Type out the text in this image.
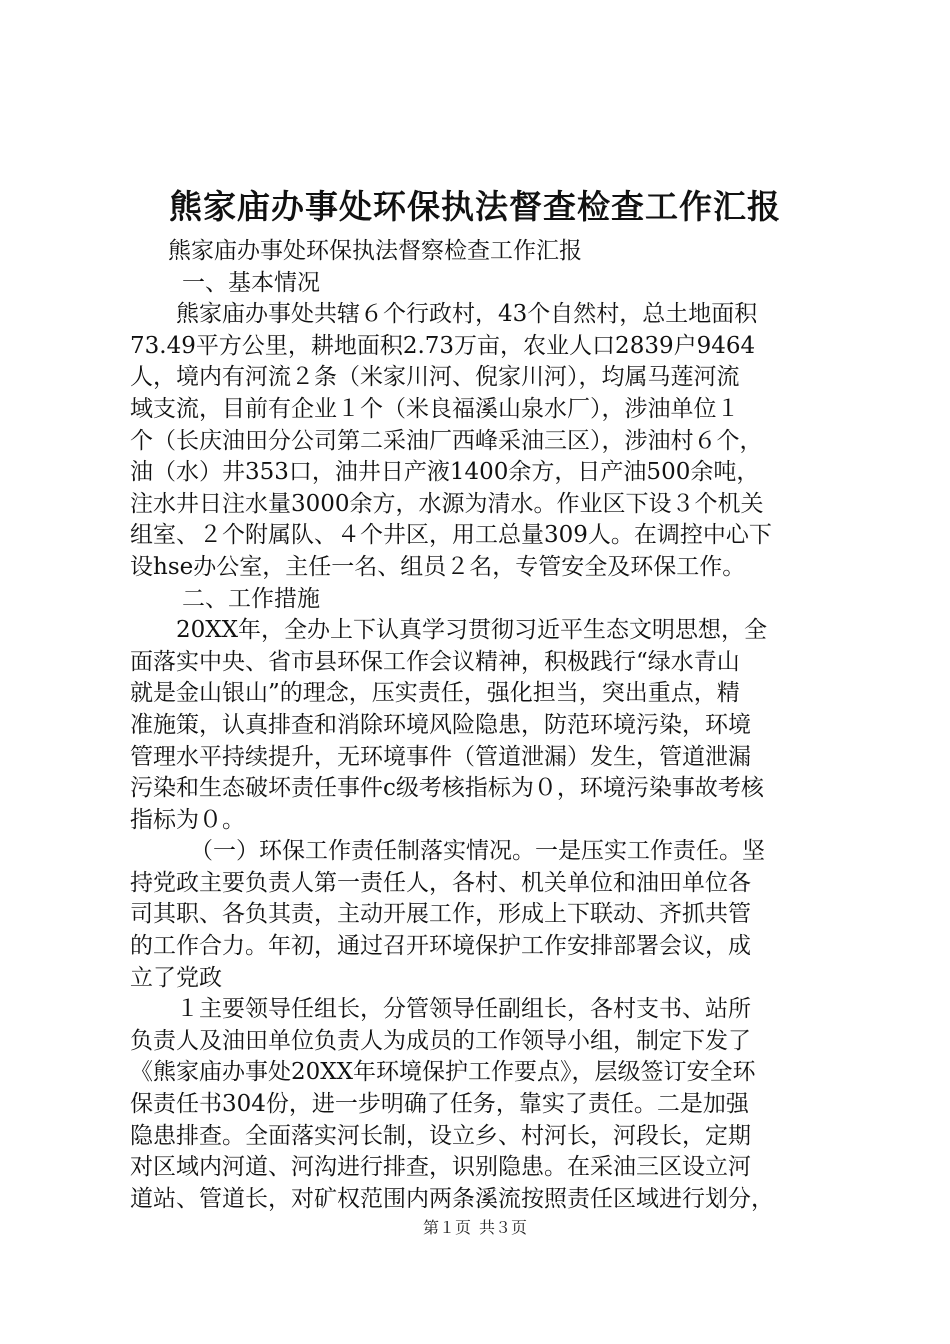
熊家庙办事处环保执法督查检查工作汇报
熊家庙办事处环保执法督察检查工作汇报
一、基本情况
熊家庙办事处共辖６个行政村，43个自然村，总土地面积
73.49平方公里，耕地面积2.73万亩，农业人口2839户9464
人，境内有河流２条（米家川河、倪家川河），均属马莲河流
域支流，目前有企业１个（米良福溪山泉水厂），涉油单位１
个（长庆油田分公司第二采油厂西峰采油三区），涉油村６个，
油（水）井353口，油井日产液1400余方，日产油500余吨，
注水井日注水量3000余方，水源为清水。作业区下设３个机关
组室、２个附属队、４个井区，用工总量309人。在调控中心下
设hse办公室，主任一名、组员２名，专管安全及环保工作。
二、工作措施
20XX年，全办上下认真学习贯彻习近平生态文明思想，全
面落实中央、省市县环保工作会议精神，积极践行“绿水青山
就是金山银山”的理念，压实责任，强化担当，突出重点，精
准施策，认真排查和消除环境风险隐患，防范环境污染，环境
管理水平持续提升，无环境事件（管道泄漏）发生，管道泄漏
污染和生态破坏责任事件c级考核指标为０，环境污染事故考核
指标为０。
（一）环保工作责任制落实情况。一是压实工作责任。坚
持党政主要负责人第一责任人，各村、机关单位和油田单位各
司其职、各负其责，主动开展工作，形成上下联动、齐抓共管
的工作合力。年初，通过召开环境保护工作安排部署会议，成
立了党政
１主要领导任组长，分管领导任副组长，各村支书、站所
负责人及油田单位负责人为成员的工作领导小组，制定下发了
《熊家庙办事处20XX年环境保护工作要点》，层级签订安全环
保责任书304份，进一步明确了任务，靠实了责任。二是加强
隐患排查。全面落实河长制，设立乡、村河长，河段长，定期
对区域内河道、河沟进行排查，识别隐患。在采油三区设立河
道站、管道长，对矿权范围内两条溪流按照责任区域进行划分，
第１页 共３页
